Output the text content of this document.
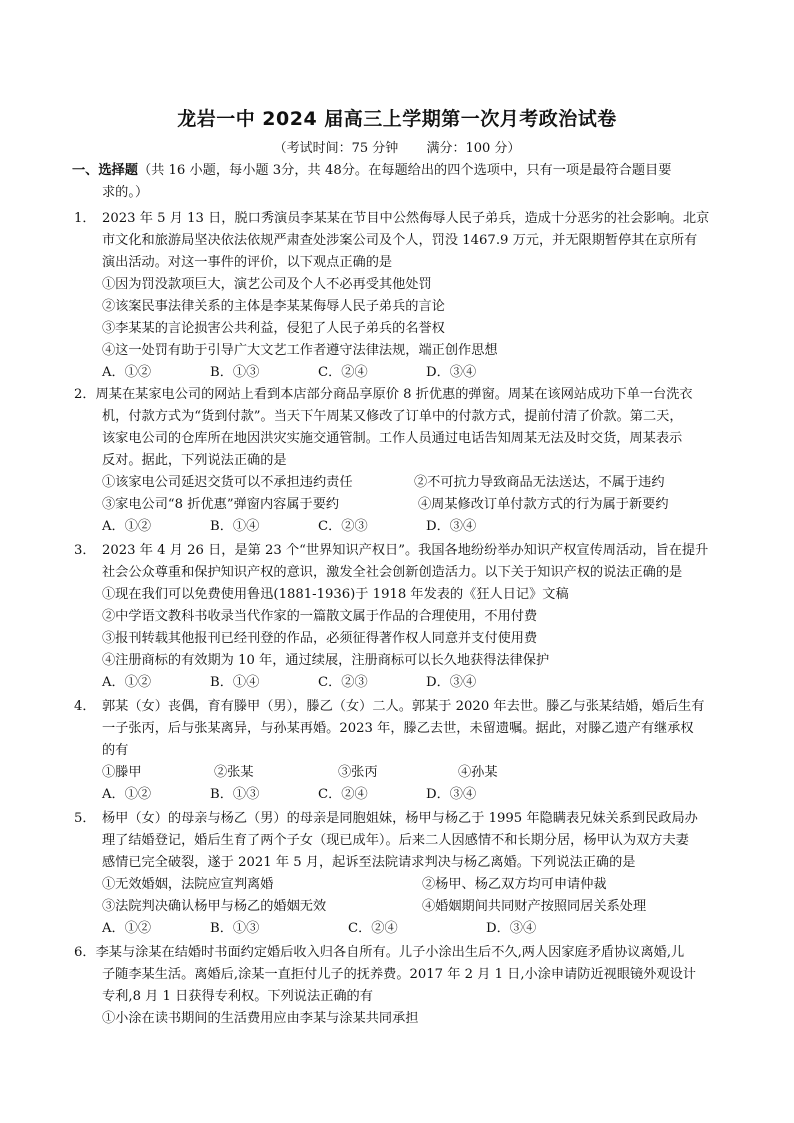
龙岩一中 2024 届高三上学期第一次月考政治试卷
（考试时间：75 分钟 满分：100 分）
一、选择题（共 16 小题，每小题 3分，共 48分。在每题给出的四个选项中，只有一项是最符合题目要
求的。）
1． 2023 年 5 月 13 日，脱口秀演员李某某在节目中公然侮辱人民子弟兵，造成十分恶劣的社会影响。北京
市文化和旅游局坚决依法依规严肃查处涉案公司及个人，罚没 1467.9 万元，并无限期暂停其在京所有
演出活动。对这一事件的评价，以下观点正确的是
①因为罚没款项巨大，演艺公司及个人不必再受其他处罚
②该案民事法律关系的主体是李某某侮辱人民子弟兵的言论
③李某某的言论损害公共利益，侵犯了人民子弟兵的名誉权
④这一处罚有助于引导广大文艺工作者遵守法律法规，端正创作思想
A．①②	B．①③	C．②④	D．③④
2．周某在某家电公司的网站上看到本店部分商品享原价 8 折优惠的弹窗。周某在该网站成功下单一台洗衣
机，付款方式为“货到付款”。当天下午周某又修改了订单中的付款方式，提前付清了价款。第二天，
该家电公司的仓库所在地因洪灾实施交通管制。工作人员通过电话告知周某无法及时交货，周某表示
反对。据此，下列说法正确的是
①该家电公司延迟交货可以不承担违约责任	②不可抗力导致商品无法送达，不属于违约
③家电公司“8 折优惠”弹窗内容属于要约	④周某修改订单付款方式的行为属于新要约
A．①②	B．①④	C．②③	D．③④
3． 2023 年 4 月 26 日，是第 23 个“世界知识产权日”。我国各地纷纷举办知识产权宣传周活动，旨在提升
社会公众尊重和保护知识产权的意识，激发全社会创新创造活力。以下关于知识产权的说法正确的是
①现在我们可以免费使用鲁迅(1881-1936)于 1918 年发表的《狂人日记》文稿
②中学语文教科书收录当代作家的一篇散文属于作品的合理使用，不用付费
③报刊转载其他报刊已经刊登的作品，必须征得著作权人同意并支付使用费
④注册商标的有效期为 10 年，通过续展，注册商标可以长久地获得法律保护
A．①②	B．①④	C．②③	D．③④
4． 郭某（女）丧偶，育有滕甲（男），滕乙（女）二人。郭某于 2020 年去世。滕乙与张某结婚，婚后生有
一子张丙，后与张某离异，与孙某再婚。2023 年，滕乙去世，未留遗嘱。据此，对滕乙遗产有继承权
的有
①滕甲	②张某	③张丙	④孙某
A．①②	B．①③	C．②④	D．③④
5． 杨甲（女）的母亲与杨乙（男）的母亲是同胞姐妹，杨甲与杨乙于 1995 年隐瞒表兄妹关系到民政局办
理了结婚登记，婚后生育了两个子女（现已成年）。后来二人因感情不和长期分居，杨甲认为双方夫妻
感情已完全破裂，遂于 2021 年 5 月，起诉至法院请求判决与杨乙离婚。下列说法正确的是
①无效婚姻，法院应宣判离婚	②杨甲、杨乙双方均可申请仲裁
③法院判决确认杨甲与杨乙的婚姻无效	④婚姻期间共同财产按照同居关系处理
A．①②	B．①③	C．②④	D．③④
6．李某与涂某在结婚时书面约定婚后收入归各自所有。儿子小涂出生后不久,两人因家庭矛盾协议离婚,儿
子随李某生活。离婚后,涂某一直拒付儿子的抚养费。2017 年 2 月 1 日,小涂申请防近视眼镜外观设计
专利,8 月 1 日获得专利权。下列说法正确的有
①小涂在读书期间的生活费用应由李某与涂某共同承担
